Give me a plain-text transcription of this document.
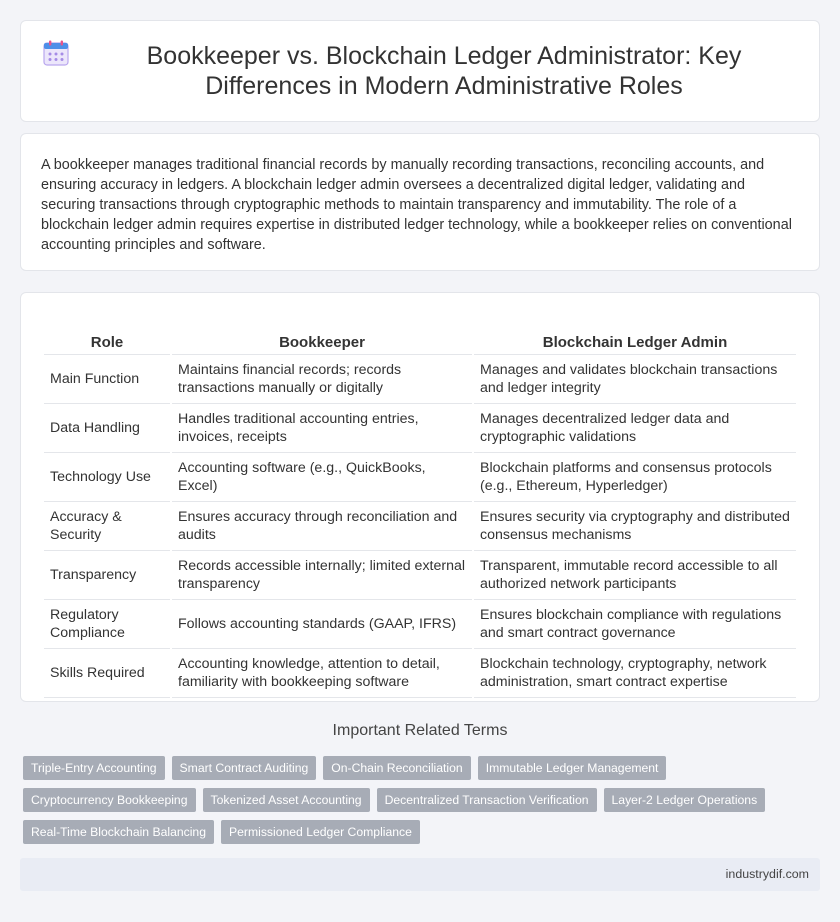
Bookkeeper vs. Blockchain Ledger Administrator: Key Differences in Modern Administrative Roles

A bookkeeper manages traditional financial records by manually recording transactions, reconciling accounts, and ensuring accuracy in ledgers. A blockchain ledger admin oversees a decentralized digital ledger, validating and securing transactions through cryptographic methods to maintain transparency and immutability. The role of a blockchain ledger admin requires expertise in distributed ledger technology, while a bookkeeper relies on conventional accounting principles and software.

Role	Bookkeeper	Blockchain Ledger Admin
Main Function	Maintains financial records; records transactions manually or digitally	Manages and validates blockchain transactions and ledger integrity
Data Handling	Handles traditional accounting entries, invoices, receipts	Manages decentralized ledger data and cryptographic validations
Technology Use	Accounting software (e.g., QuickBooks, Excel)	Blockchain platforms and consensus protocols (e.g., Ethereum, Hyperledger)
Accuracy & Security	Ensures accuracy through reconciliation and audits	Ensures security via cryptography and distributed consensus mechanisms
Transparency	Records accessible internally; limited external transparency	Transparent, immutable record accessible to all authorized network participants
Regulatory Compliance	Follows accounting standards (GAAP, IFRS)	Ensures blockchain compliance with regulations and smart contract governance
Skills Required	Accounting knowledge, attention to detail, familiarity with bookkeeping software	Blockchain technology, cryptography, network administration, smart contract expertise
Important Related Terms
Triple-Entry Accounting	Smart Contract Auditing	On-Chain Reconciliation	Immutable Ledger Management
Cryptocurrency Bookkeeping	Tokenized Asset Accounting	Decentralized Transaction Verification	Layer-2 Ledger Operations
Real-Time Blockchain Balancing	Permissioned Ledger Compliance
industrydif.com
